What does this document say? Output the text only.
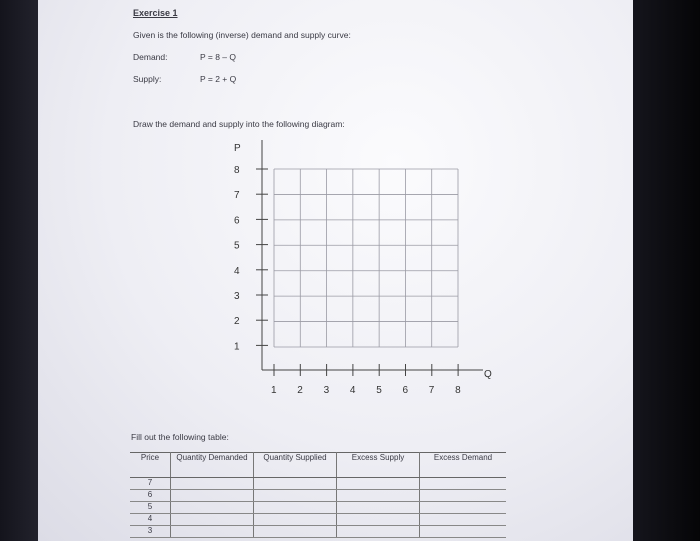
Exercise 1
Given is the following (inverse) demand and supply curve:
Demand:	P = 8 – Q
Supply:	P = 2 + Q
Draw the demand and supply into the following diagram:
P
Q
8
7
6
5
4
3
2
1
1 2 3 4 5 6 7 8
Fill out the following table:
Price	Quantity Demanded	Quantity Supplied	Excess Supply	Excess Demand
7				
6				
5				
4				
3				
